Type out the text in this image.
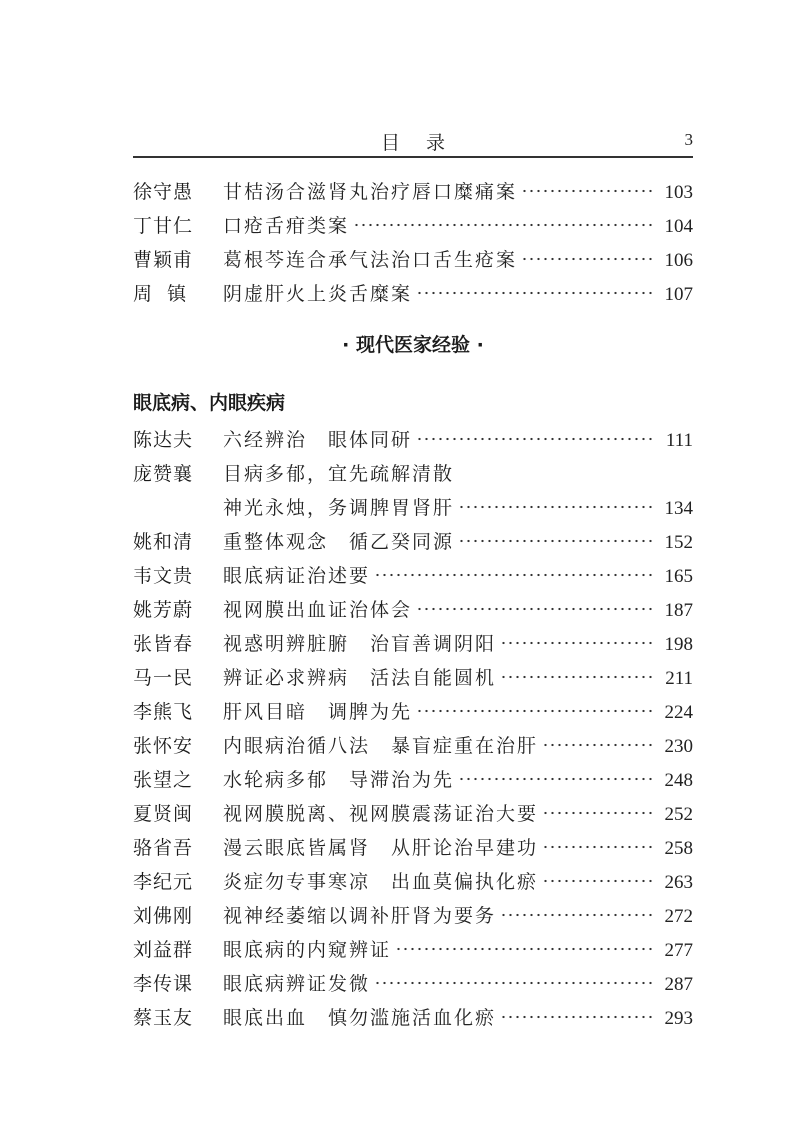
目录	3
徐守愚	甘桔汤合滋肾丸治疗唇口糜痛案	103
丁甘仁	口疮舌疳类案	104
曹颖甫	葛根芩连合承气法治口舌生疮案	106
周  镇	阴虚肝火上炎舌糜案	107
· 现代医家经验 ·
眼底病、内眼疾病
陈达夫	六经辨治　眼体同研	111
庞赞襄	目病多郁，宜先疏解清散
神光永烛，务调脾胃肾肝	134
姚和清	重整体观念　循乙癸同源	152
韦文贵	眼底病证治述要	165
姚芳蔚	视网膜出血证治体会	187
张皆春	视惑明辨脏腑　治盲善调阴阳	198
马一民	辨证必求辨病　活法自能圆机	211
李熊飞	肝风目暗　调脾为先	224
张怀安	内眼病治循八法　暴盲症重在治肝	230
张望之	水轮病多郁　导滞治为先	248
夏贤闽	视网膜脱离、视网膜震荡证治大要	252
骆省吾	漫云眼底皆属肾　从肝论治早建功	258
李纪元	炎症勿专事寒凉　出血莫偏执化瘀	263
刘佛刚	视神经萎缩以调补肝肾为要务	272
刘益群	眼底病的内窥辨证	277
李传课	眼底病辨证发微	287
蔡玉友	眼底出血　慎勿滥施活血化瘀	293
